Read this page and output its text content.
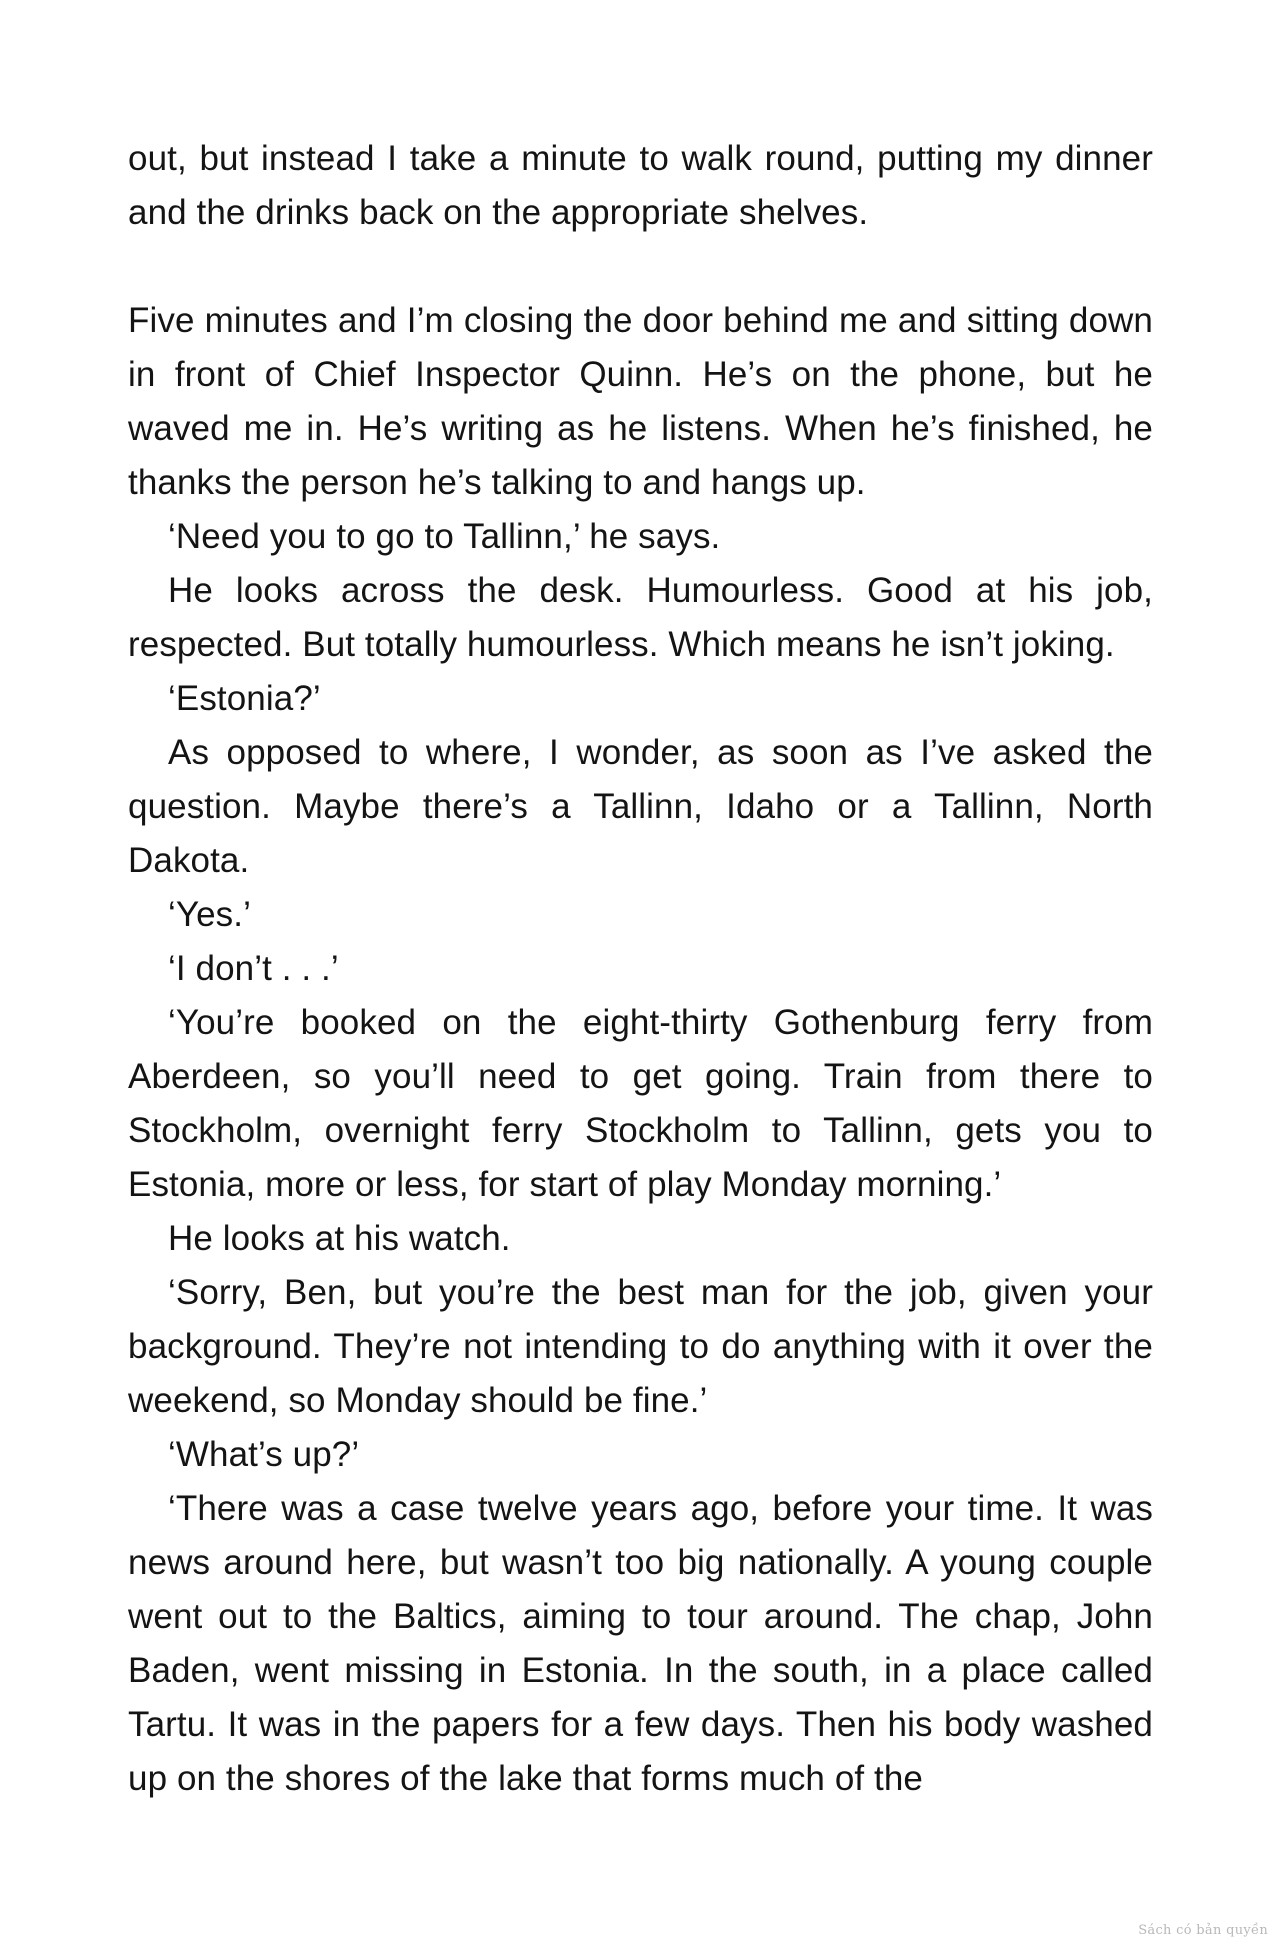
out, but instead I take a minute to walk round, putting my dinner and the drinks back on the appropriate shelves.

Five minutes and I’m closing the door behind me and sitting down in front of Chief Inspector Quinn. He’s on the phone, but he waved me in. He’s writing as he listens. When he’s finished, he thanks the person he’s talking to and hangs up.

‘Need you to go to Tallinn,’ he says.

He looks across the desk. Humourless. Good at his job, respected. But totally humourless. Which means he isn’t joking.

‘Estonia?’

As opposed to where, I wonder, as soon as I’ve asked the question. Maybe there’s a Tallinn, Idaho or a Tallinn, North Dakota.

‘Yes.’

‘I don’t . . .’

‘You’re booked on the eight-thirty Gothenburg ferry from Aberdeen, so you’ll need to get going. Train from there to Stockholm, overnight ferry Stockholm to Tallinn, gets you to Estonia, more or less, for start of play Monday morning.’

He looks at his watch.

‘Sorry, Ben, but you’re the best man for the job, given your background. They’re not intending to do anything with it over the weekend, so Monday should be fine.’

‘What’s up?’

‘There was a case twelve years ago, before your time. It was news around here, but wasn’t too big nationally. A young couple went out to the Baltics, aiming to tour around. The chap, John Baden, went missing in Estonia. In the south, in a place called Tartu. It was in the papers for a few days. Then his body washed up on the shores of the lake that forms much of the

Sách có bản quyền
